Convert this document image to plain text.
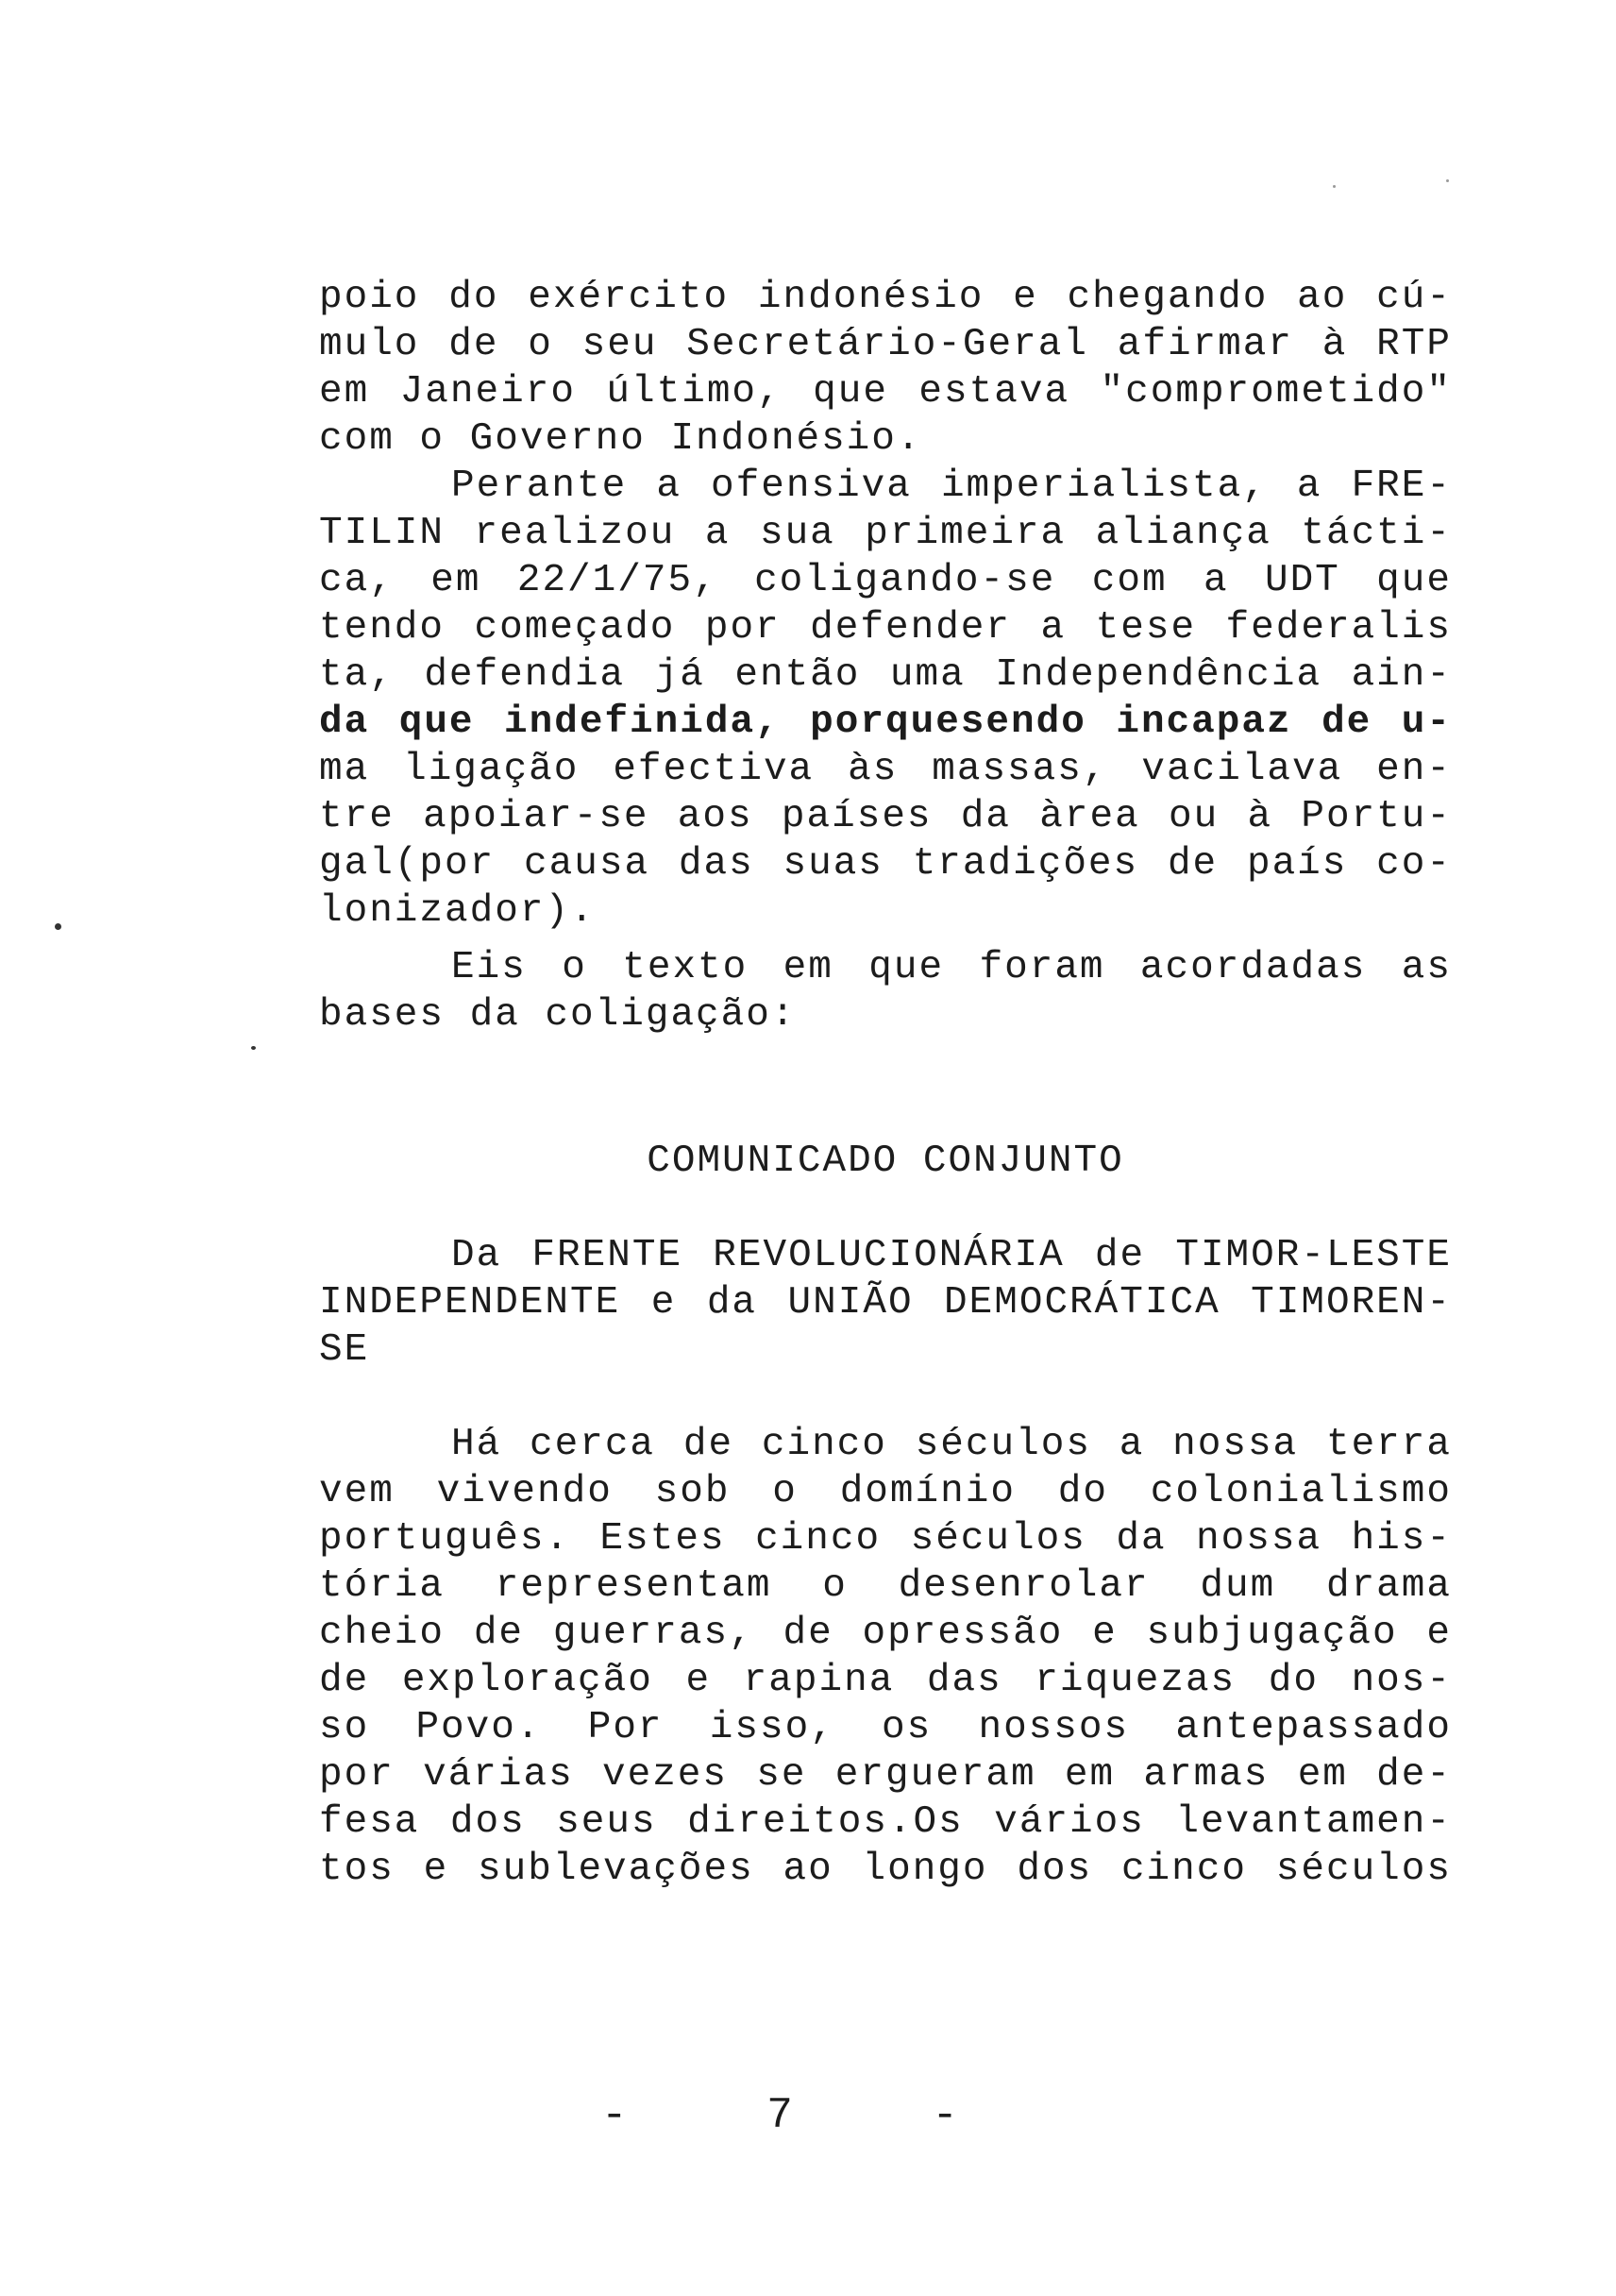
poio do exército indonésio e chegando ao cú-
mulo de o seu Secretário-Geral afirmar à RTP
em Janeiro último, que estava "comprometido"
com o Governo Indonésio.
Perante a ofensiva imperialista, a FRE-
TILIN realizou a sua primeira aliança tácti-
ca, em 22/1/75, coligando-se com a UDT que
tendo começado por defender a tese federalis
ta, defendia já então uma Independência ain-
da que indefinida, porquesendo incapaz de u-
ma ligação efectiva às massas, vacilava en-
tre apoiar-se aos países da àrea ou à Portu-
gal(por causa das suas tradições de país co-
lonizador).
Eis o texto em que foram acordadas as
bases da coligação:
COMUNICADO CONJUNTO
Da FRENTE REVOLUCIONÁRIA de TIMOR-LESTE
INDEPENDENTE e da UNIÃO DEMOCRÁTICA TIMOREN-
SE
Há cerca de cinco séculos a nossa terra
vem vivendo sob o domínio do colonialismo
português. Estes cinco séculos da nossa his-
tória representam o desenrolar dum drama
cheio de guerras, de opressão e subjugação e
de exploração e rapina das riquezas do nos-
so Povo. Por isso, os nossos antepassado
por várias vezes se ergueram em armas em de-
fesa dos seus direitos.Os vários levantamen-
tos e sublevações ao longo dos cinco séculos
- 7 -
